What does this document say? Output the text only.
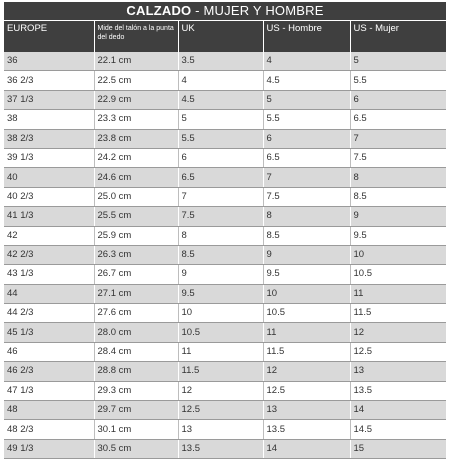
CALZADO - MUJER Y HOMBRE
EUROPE	Mide del talón a la punta del dedo	UK	US - Hombre	US - Mujer
36	22.1 cm	3.5	4	5
36 2/3	22.5 cm	4	4.5	5.5
37 1/3	22.9 cm	4.5	5	6
38	23.3 cm	5	5.5	6.5
38 2/3	23.8 cm	5.5	6	7
39 1/3	24.2 cm	6	6.5	7.5
40	24.6 cm	6.5	7	8
40 2/3	25.0 cm	7	7.5	8.5
41 1/3	25.5 cm	7.5	8	9
42	25.9 cm	8	8.5	9.5
42 2/3	26.3 cm	8.5	9	10
43 1/3	26.7 cm	9	9.5	10.5
44	27.1 cm	9.5	10	11
44 2/3	27.6 cm	10	10.5	11.5
45 1/3	28.0 cm	10.5	11	12
46	28.4 cm	11	11.5	12.5
46 2/3	28.8 cm	11.5	12	13
47 1/3	29.3 cm	12	12.5	13.5
48	29.7 cm	12.5	13	14
48 2/3	30.1 cm	13	13.5	14.5
49 1/3	30.5 cm	13.5	14	15
